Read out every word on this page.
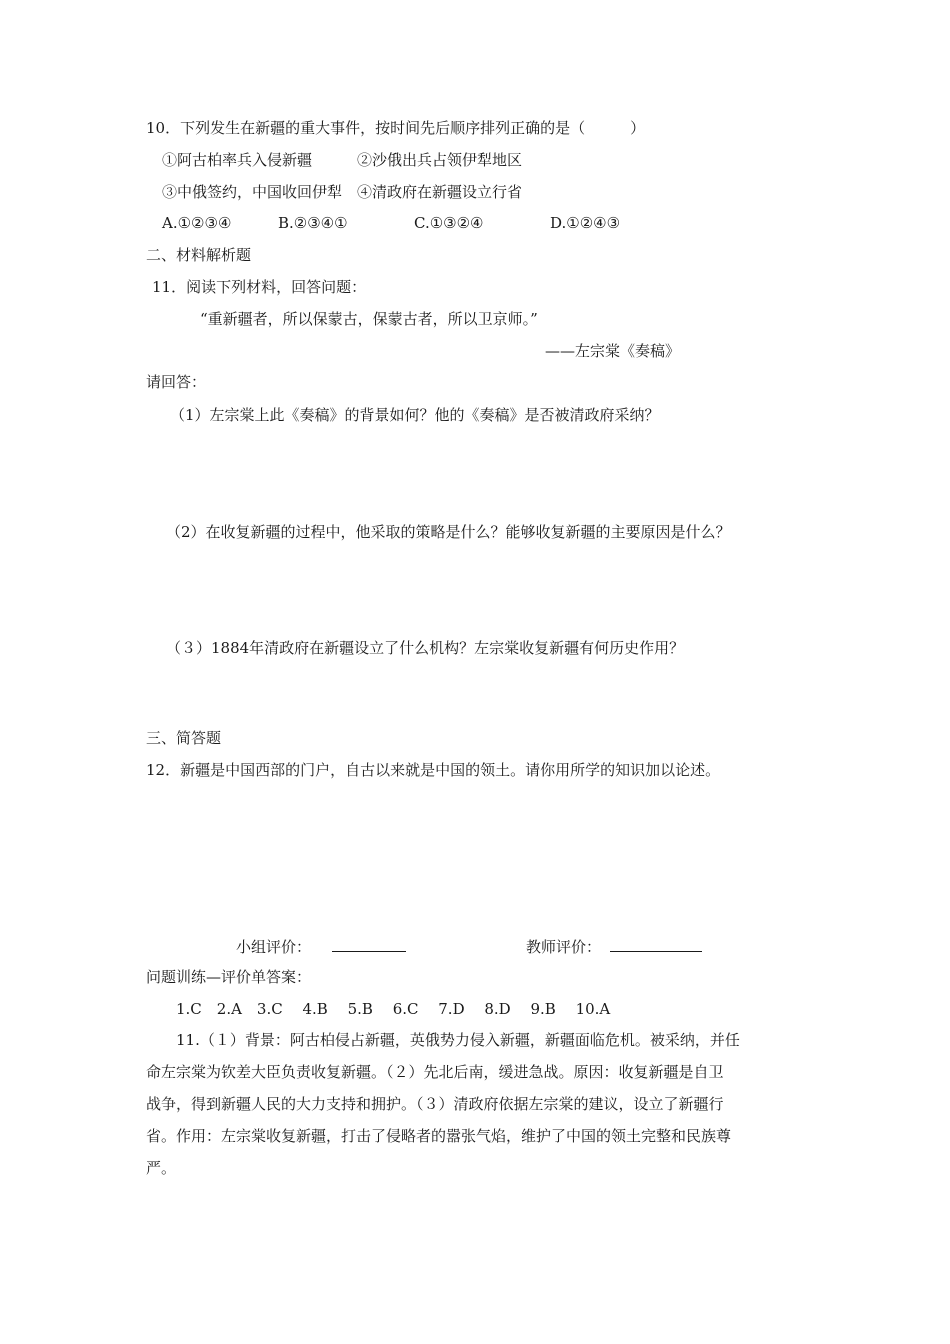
10．下列发生在新疆的重大事件，按时间先后顺序排列正确的是（　　　）
①阿古柏率兵入侵新疆　　　②沙俄出兵占领伊犁地区
③中俄签约，中国收回伊犁　④清政府在新疆设立行省
A.①②③④	B.②③④①	C.①③②④	D.①②④③
二、材料解析题
11．阅读下列材料，回答问题：
“重新疆者，所以保蒙古，保蒙古者，所以卫京师。”
——左宗棠《奏稿》
请回答：
（1）左宗棠上此《奏稿》的背景如何？他的《奏稿》是否被清政府采纳？
（2）在收复新疆的过程中，他采取的策略是什么？能够收复新疆的主要原因是什么？
（３）1884年清政府在新疆设立了什么机构？左宗棠收复新疆有何历史作用？
三、简答题
12．新疆是中国西部的门户，自古以来就是中国的领土。请你用所学的知识加以论述。
小组评价：	教师评价：
问题训练—评价单答案：
1.C　2.A　3.C　 4.B　 5.B　 6.C　 7.D　 8.D　 9.B　 10.A
11.（１）背景：阿古柏侵占新疆，英俄势力侵入新疆，新疆面临危机。被采纳，并任
命左宗棠为钦差大臣负责收复新疆。（２）先北后南，缓进急战。原因：收复新疆是自卫
战争，得到新疆人民的大力支持和拥护。（３）清政府依据左宗棠的建议，设立了新疆行
省。作用：左宗棠收复新疆，打击了侵略者的嚣张气焰，维护了中国的领土完整和民族尊
严。
